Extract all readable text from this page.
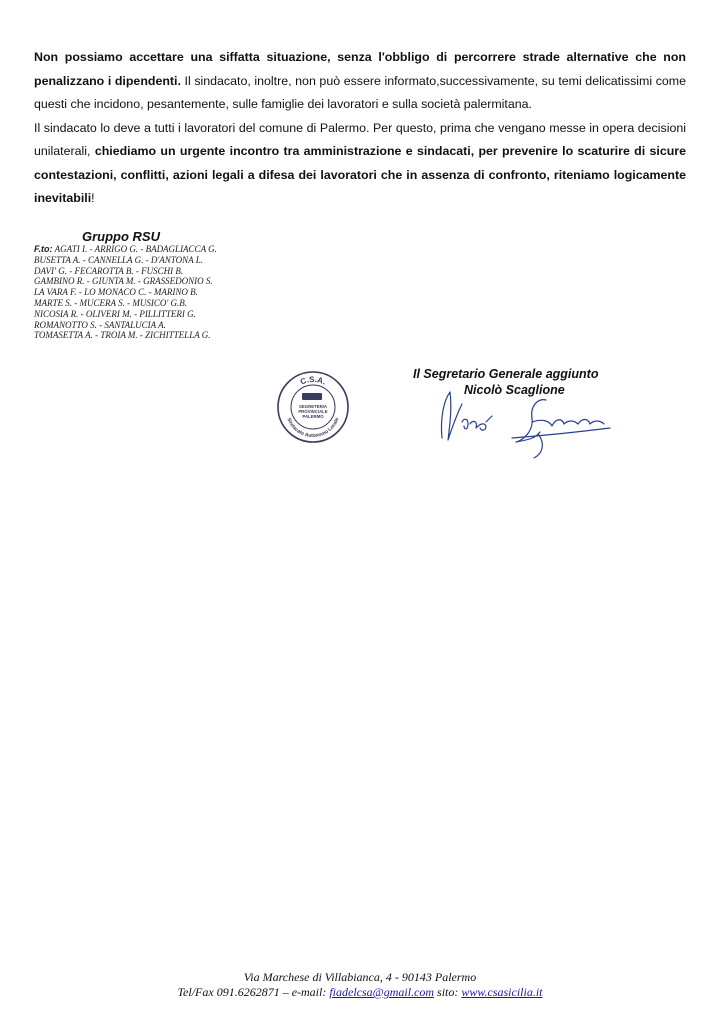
Non possiamo accettare una siffatta situazione, senza l'obbligo di percorrere strade alternative che non penalizzano i dipendenti. Il sindacato, inoltre, non può essere informato,successivamente, su temi delicatissimi come questi che incidono, pesantemente, sulle famiglie dei lavoratori e sulla società palermitana.

Il sindacato lo deve a tutti i lavoratori del comune di Palermo. Per questo, prima che vengano messe in opera decisioni unilaterali, chiediamo un urgente incontro tra amministrazione e sindacati, per prevenire lo scaturire di sicure contestazioni, conflitti, azioni legali a difesa dei lavoratori che in assenza di confronto, riteniamo logicamente inevitabili!

Gruppo RSU

F.to: AGATI I. - ARRIGO G. - BADAGLIACCA G.
BUSETTA A. - CANNELLA G. - D'ANTONA L.
DAVI' G. - FECAROTTA B. - FUSCHI B.
GAMBINO R. - GIUNTA M. - GRASSEDONIO S.
LA VARA F. - LO MONACO C. - MARINO B.
MARTE S. - MUCERA S. - MUSICO' G.B.
NICOSIA R. - OLIVERI M. - PILLITTERI G.
ROMANOTTO S. - SANTALUCIA A.
TOMASETTA A. - TROIA M. - ZICHITTELLA G.
C.S.A.
Sindacato Autonomo Locale
SEGRETERIA
PROVINCIALE
PALERMO

Il Segretario Generale aggiunto

Nicolò Scaglione

Via Marchese di Villabianca, 4 - 90143 Palermo
Tel/Fax 091.6262871 – e-mail: fiadelcsa@gmail.com sito: www.csasicilia.it
